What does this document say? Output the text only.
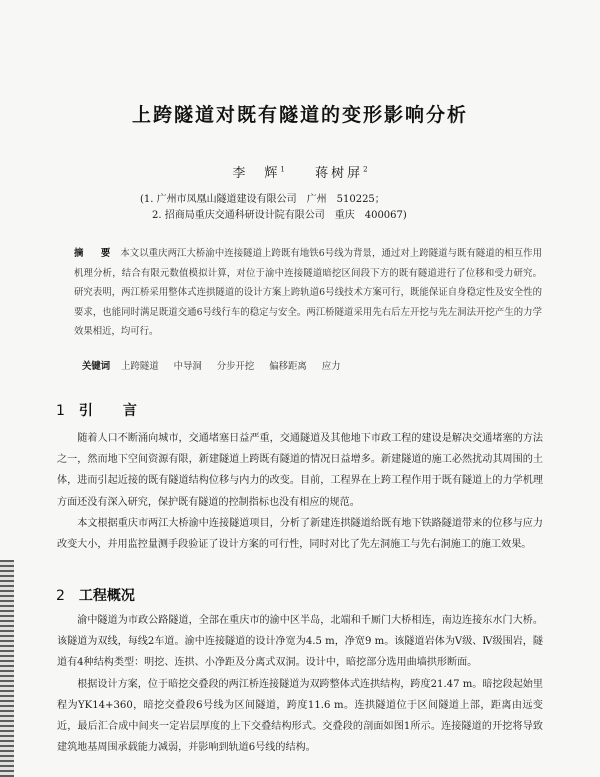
上跨隧道对既有隧道的变形影响分析
李　辉$^1$ 　 蒋树屏$^2$
(1. 广州市凤凰山隧道建设有限公司　广州　510225；
2. 招商局重庆交通科研设计院有限公司　重庆　400067)
摘　要 本文以重庆两江大桥渝中连接隧道上跨既有地铁6号线为背景，通过对上跨隧道与既有隧道的相互作用机理分析，结合有限元数值模拟计算，对位于渝中连接隧道暗挖区间段下方的既有隧道进行了位移和受力研究。研究表明，两江桥采用整体式连拱隧道的设计方案上跨轨道6号线技术方案可行，既能保证自身稳定性及安全性的要求，也能同时满足既道交通6号线行车的稳定与安全。两江桥隧道采用先右后左开挖与先左洞法开挖产生的力学效果相近，均可行。
关键词 上跨隧道 中导洞 分步开挖 偏移距离 应力
1 引　言

随着人口不断涌向城市，交通堵塞日益严重，交通隧道及其他地下市政工程的建设是解决交通堵塞的方法之一，然而地下空间资源有限，新建隧道上跨既有隧道的情况日益增多。新建隧道的施工必然扰动其周围的土体，进而引起近接的既有隧道结构位移与内力的改变。目前，工程界在上跨工程作用于既有隧道上的力学机理方面还没有深入研究，保护既有隧道的控制指标也没有相应的规范。

本文根据重庆市两江大桥渝中连接隧道项目，分析了新建连拱隧道给既有地下铁路隧道带来的位移与应力改变大小，并用监控量测手段验证了设计方案的可行性，同时对比了先左洞施工与先右洞施工的施工效果。

2 工程概况

渝中隧道为市政公路隧道，全部在重庆市的渝中区半岛，北端和千厮门大桥相连，南边连接东水门大桥。该隧道为双线，每线2车道。渝中连接隧道的设计净宽为4.5 m，净宽9 m。该隧道岩体为Ⅴ级、Ⅳ级围岩，隧道有4种结构类型：明挖、连拱、小净距及分离式双洞。设计中，暗挖部分选用曲墙拱形断面。

根据设计方案，位于暗挖交叠段的两江桥连接隧道为双跨整体式连拱结构，跨度21.47 m。暗挖段起始里程为YK14+360，暗挖交叠段6号线为区间隧道，跨度11.6 m。连拱隧道位于区间隧道上部，距离由远变近，最后汇合成中间夹一定岩层厚度的上下交叠结构形式。交叠段的剖面如图1所示。连接隧道的开挖将导致建筑地基周围承载能力减弱，并影响到轨道6号线的结构。
